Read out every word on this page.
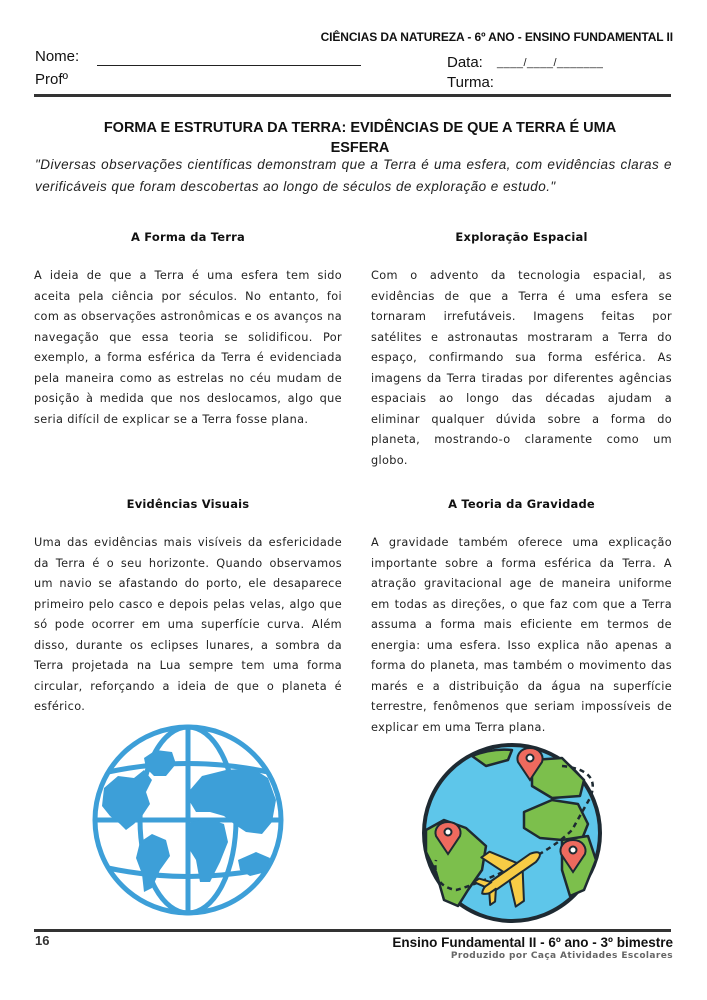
CIÊNCIAS DA NATUREZA - 6º ANO - ENSINO FUNDAMENTAL II
Nome:
Profº
Data: ____/____/_______
Turma:
FORMA E ESTRUTURA DA TERRA: EVIDÊNCIAS DE QUE A TERRA É UMA
ESFERA
"Diversas observações científicas demonstram que a Terra é uma esfera, com evidências claras e verificáveis que foram descobertas ao longo de séculos de exploração e estudo."
A Forma da Terra
A ideia de que a Terra é uma esfera tem sido aceita pela ciência por séculos. No entanto, foi com as observações astronômicas e os avanços na navegação que essa teoria se solidificou. Por exemplo, a forma esférica da Terra é evidenciada pela maneira como as estrelas no céu mudam de posição à medida que nos deslocamos, algo que seria difícil de explicar se a Terra fosse plana.
Exploração Espacial
Com o advento da tecnologia espacial, as evidências de que a Terra é uma esfera se tornaram irrefutáveis. Imagens feitas por satélites e astronautas mostraram a Terra do espaço, confirmando sua forma esférica. As imagens da Terra tiradas por diferentes agências espaciais ao longo das décadas ajudam a eliminar qualquer dúvida sobre a forma do planeta, mostrando-o claramente como um globo.
Evidências Visuais
Uma das evidências mais visíveis da esfericidade da Terra é o seu horizonte. Quando observamos um navio se afastando do porto, ele desaparece primeiro pelo casco e depois pelas velas, algo que só pode ocorrer em uma superfície curva. Além disso, durante os eclipses lunares, a sombra da Terra projetada na Lua sempre tem uma forma circular, reforçando a ideia de que o planeta é esférico.
A Teoria da Gravidade
A gravidade também oferece uma explicação importante sobre a forma esférica da Terra. A atração gravitacional age de maneira uniforme em todas as direções, o que faz com que a Terra assuma a forma mais eficiente em termos de energia: uma esfera. Isso explica não apenas a forma do planeta, mas também o movimento das marés e a distribuição da água na superfície terrestre, fenômenos que seriam impossíveis de explicar em uma Terra plana.
16	Ensino Fundamental II - 6º ano - 3º bimestre
Produzido por Caça Atividades Escolares
